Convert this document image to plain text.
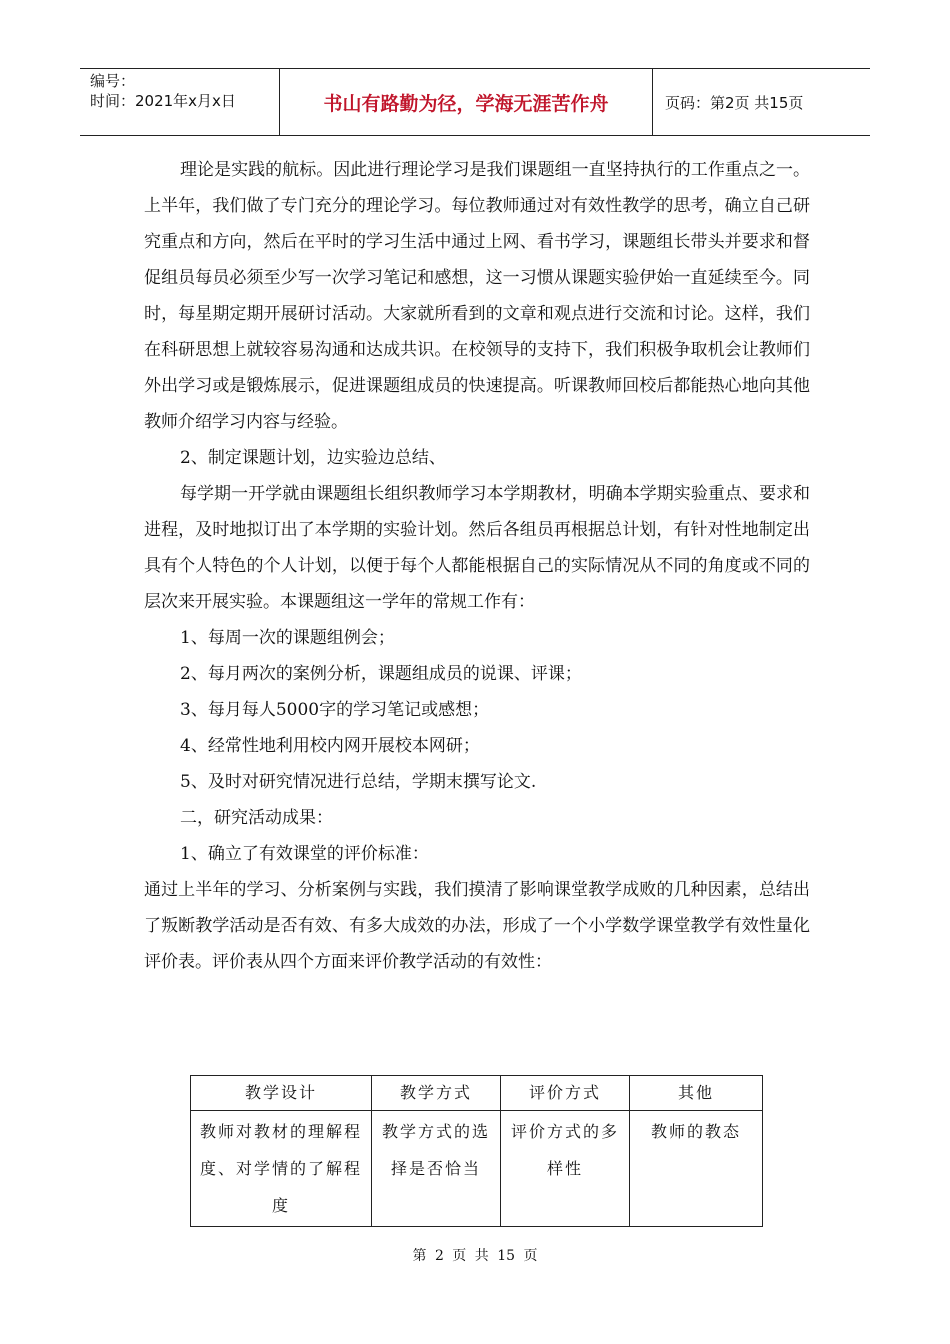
编号：
时间：2021年x月x日	书山有路勤为径，学海无涯苦作舟	页码：第2页 共15页

理论是实践的航标。因此进行理论学习是我们课题组一直坚持执行的工作重点之一。上半年，我们做了专门充分的理论学习。每位教师通过对有效性教学的思考，确立自己研究重点和方向，然后在平时的学习生活中通过上网、看书学习，课题组长带头并要求和督促组员每员必须至少写一次学习笔记和感想，这一习惯从课题实验伊始一直延续至今。同时，每星期定期开展研讨活动。大家就所看到的文章和观点进行交流和讨论。这样，我们在科研思想上就较容易沟通和达成共识。在校领导的支持下，我们积极争取机会让教师们外出学习或是锻炼展示，促进课题组成员的快速提高。听课教师回校后都能热心地向其他教师介绍学习内容与经验。

2、制定课题计划，边实验边总结、

每学期一开学就由课题组长组织教师学习本学期教材，明确本学期实验重点、要求和进程，及时地拟订出了本学期的实验计划。然后各组员再根据总计划，有针对性地制定出具有个人特色的个人计划，以便于每个人都能根据自己的实际情况从不同的角度或不同的层次来开展实验。本课题组这一学年的常规工作有：

1、每周一次的课题组例会；

2、每月两次的案例分析，课题组成员的说课、评课；

3、每月每人5000字的学习笔记或感想；

4、经常性地利用校内网开展校本网研；

5、及时对研究情况进行总结，学期末撰写论文.

二，研究活动成果：

1、确立了有效课堂的评价标准：

通过上半年的学习、分析案例与实践，我们摸清了影响课堂教学成败的几种因素，总结出了叛断教学活动是否有效、有多大成效的办法，形成了一个小学数学课堂教学有效性量化评价表。评价表从四个方面来评价教学活动的有效性：

教学设计	教学方式	评价方式	其他
教师对教材的理解程度、对学情的了解程度	教学方式的选择是否恰当	评价方式的多样性	教师的教态
第 2 页 共 15 页
